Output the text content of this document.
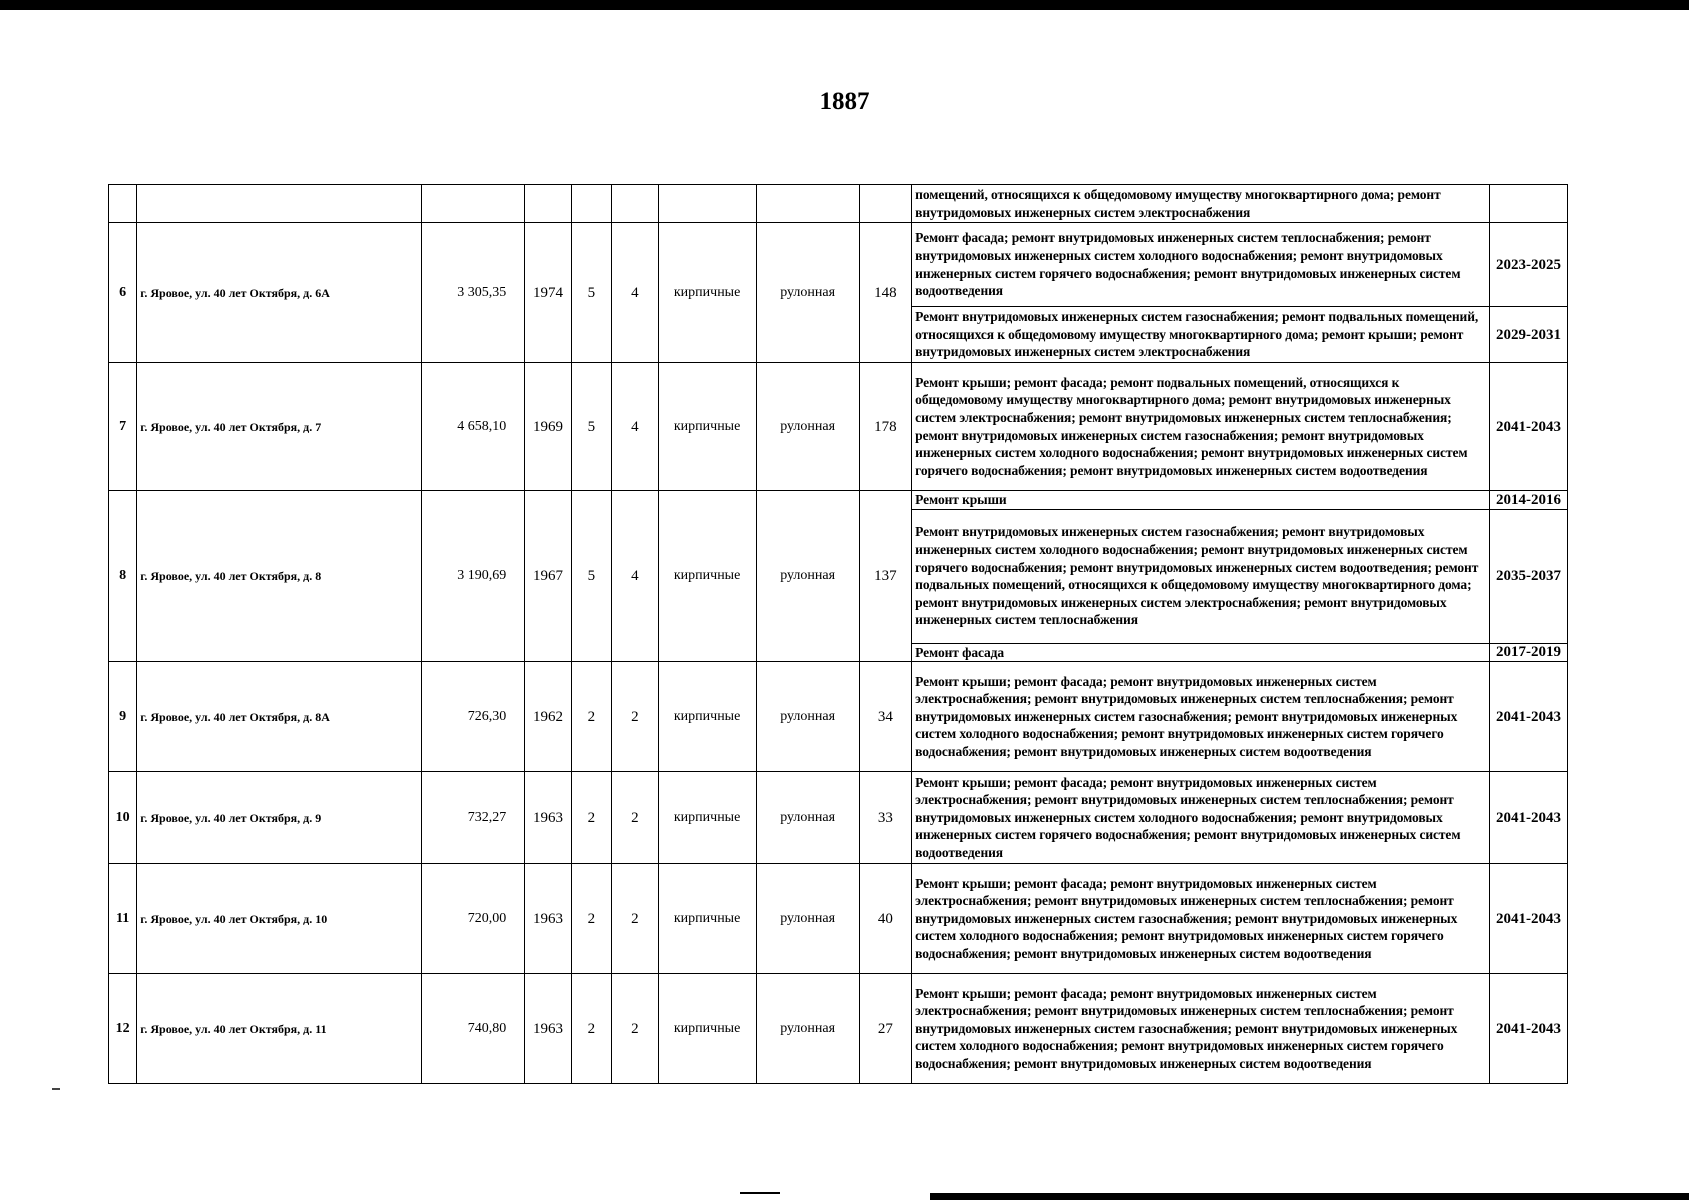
1887
									помещений, относящихся к общедомовому имуществу многоквартирного дома; ремонт внутридомовых инженерных систем электроснабжения	
6	г. Яровое, ул. 40 лет Октября, д. 6А	3 305,35	1974	5	4	кирпичные	рулонная	148	Ремонт фасада; ремонт внутридомовых инженерных систем теплоснабжения; ремонт внутридомовых инженерных систем холодного водоснабжения; ремонт внутридомовых инженерных систем горячего водоснабжения; ремонт внутридомовых инженерных систем водоотведения	2023-2025
									Ремонт внутридомовых инженерных систем газоснабжения; ремонт подвальных помещений, относящихся к общедомовому имуществу многоквартирного дома; ремонт крыши; ремонт внутридомовых инженерных систем электроснабжения	2029-2031
7	г. Яровое, ул. 40 лет Октября, д. 7	4 658,10	1969	5	4	кирпичные	рулонная	178	Ремонт крыши; ремонт фасада; ремонт подвальных помещений, относящихся к общедомовому имуществу многоквартирного дома; ремонт внутридомовых инженерных систем электроснабжения; ремонт внутридомовых инженерных систем теплоснабжения; ремонт внутридомовых инженерных систем газоснабжения; ремонт внутридомовых инженерных систем холодного водоснабжения; ремонт внутридомовых инженерных систем горячего водоснабжения; ремонт внутридомовых инженерных систем водоотведения	2041-2043
8	г. Яровое, ул. 40 лет Октября, д. 8	3 190,69	1967	5	4	кирпичные	рулонная	137	Ремонт крыши	2014-2016
									Ремонт внутридомовых инженерных систем газоснабжения; ремонт внутридомовых инженерных систем холодного водоснабжения; ремонт внутридомовых инженерных систем горячего водоснабжения; ремонт внутридомовых инженерных систем водоотведения; ремонт подвальных помещений, относящихся к общедомовому имуществу многоквартирного дома; ремонт внутридомовых инженерных систем электроснабжения; ремонт внутридомовых инженерных систем теплоснабжения	2035-2037
									Ремонт фасада	2017-2019
9	г. Яровое, ул. 40 лет Октября, д. 8А	726,30	1962	2	2	кирпичные	рулонная	34	Ремонт крыши; ремонт фасада; ремонт внутридомовых инженерных систем электроснабжения; ремонт внутридомовых инженерных систем теплоснабжения; ремонт внутридомовых инженерных систем газоснабжения; ремонт внутридомовых инженерных систем холодного водоснабжения; ремонт внутридомовых инженерных систем горячего водоснабжения; ремонт внутридомовых инженерных систем водоотведения	2041-2043
10	г. Яровое, ул. 40 лет Октября, д. 9	732,27	1963	2	2	кирпичные	рулонная	33	Ремонт крыши; ремонт фасада; ремонт внутридомовых инженерных систем электроснабжения; ремонт внутридомовых инженерных систем теплоснабжения; ремонт внутридомовых инженерных систем холодного водоснабжения; ремонт внутридомовых инженерных систем горячего водоснабжения; ремонт внутридомовых инженерных систем водоотведения	2041-2043
11	г. Яровое, ул. 40 лет Октября, д. 10	720,00	1963	2	2	кирпичные	рулонная	40	Ремонт крыши; ремонт фасада; ремонт внутридомовых инженерных систем электроснабжения; ремонт внутридомовых инженерных систем теплоснабжения; ремонт внутридомовых инженерных систем газоснабжения; ремонт внутридомовых инженерных систем холодного водоснабжения; ремонт внутридомовых инженерных систем горячего водоснабжения; ремонт внутридомовых инженерных систем водоотведения	2041-2043
12	г. Яровое, ул. 40 лет Октября, д. 11	740,80	1963	2	2	кирпичные	рулонная	27	Ремонт крыши; ремонт фасада; ремонт внутридомовых инженерных систем электроснабжения; ремонт внутридомовых инженерных систем теплоснабжения; ремонт внутридомовых инженерных систем газоснабжения; ремонт внутридомовых инженерных систем холодного водоснабжения; ремонт внутридомовых инженерных систем горячего водоснабжения; ремонт внутридомовых инженерных систем водоотведения	2041-2043
